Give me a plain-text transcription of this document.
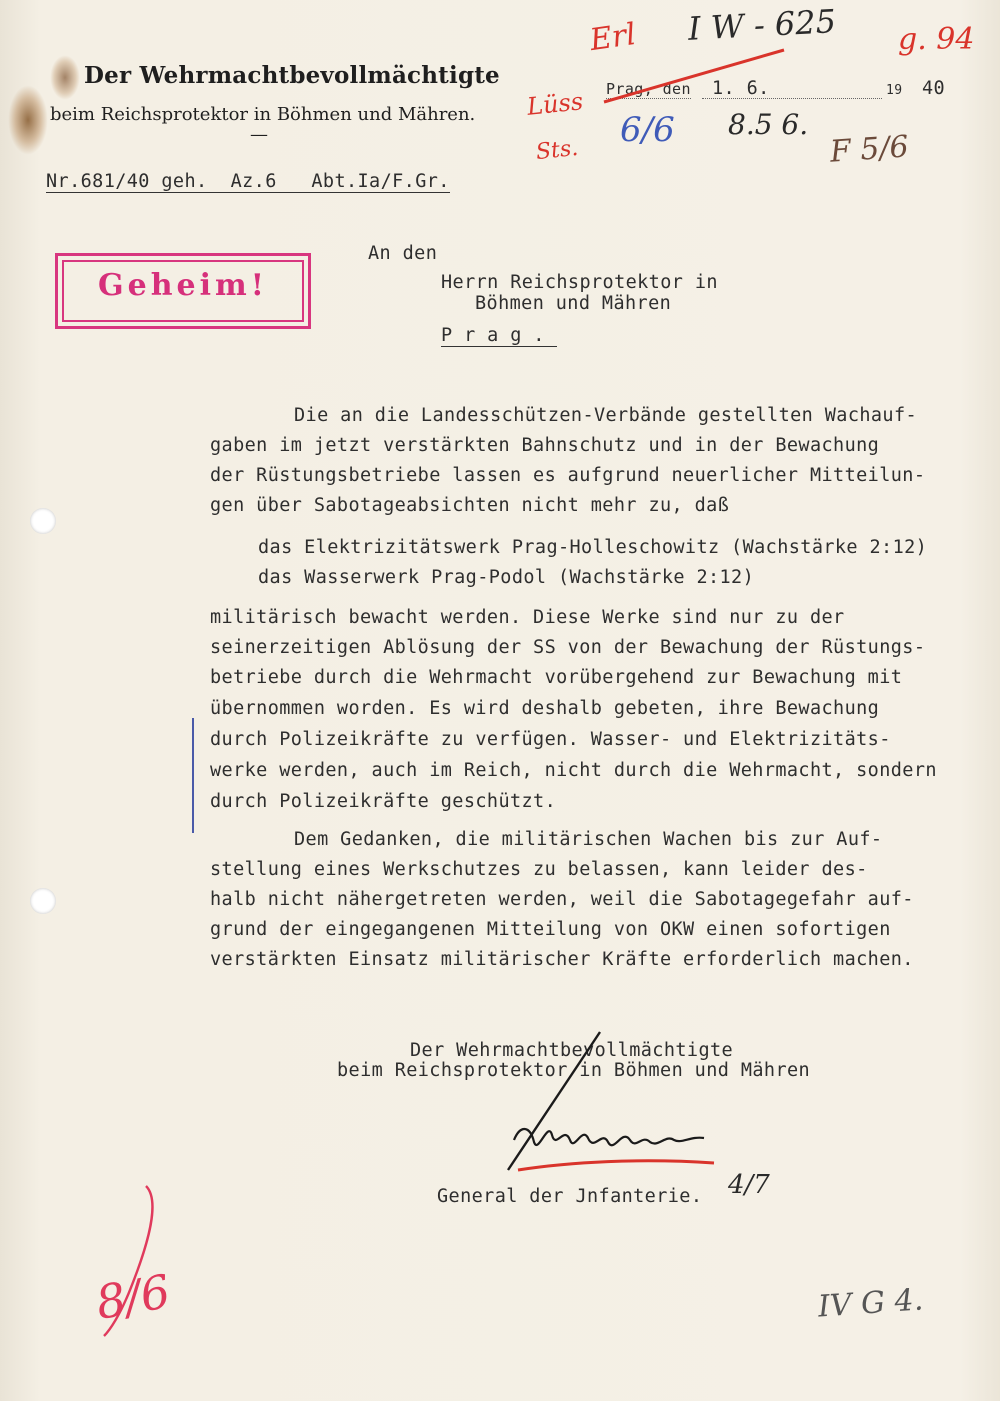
Der Wehrmachtbevollmächtigte
beim Reichsprotektor in Böhmen und Mähren.
—
Nr.681/40 geh.  Az.6   Abt.Ia/F.Gr.

Prag, den

1. 6.

	19

40

Geheim!
An den
Herrn Reichsprotektor in
Böhmen und Mähren
P r a g .
Die an die Landesschützen-Verbände gestellten Wachauf-
gaben im jetzt verstärkten Bahnschutz und in der Bewachung
der Rüstungsbetriebe lassen es aufgrund neuerlicher Mitteilun-
gen über Sabotageabsichten nicht mehr zu, daß
das Elektrizitätswerk Prag-Holleschowitz (Wachstärke 2:12)
das Wasserwerk Prag-Podol (Wachstärke 2:12)
militärisch bewacht werden. Diese Werke sind nur zu der
seinerzeitigen Ablösung der SS von der Bewachung der Rüstungs-
betriebe durch die Wehrmacht vorübergehend zur Bewachung mit
übernommen worden. Es wird deshalb gebeten, ihre Bewachung
durch Polizeikräfte zu verfügen. Wasser- und Elektrizitäts-
werke werden, auch im Reich, nicht durch die Wehrmacht, sondern
durch Polizeikräfte geschützt.
Dem Gedanken, die militärischen Wachen bis zur Auf-
stellung eines Werkschutzes zu belassen, kann leider des-
halb nicht nähergetreten werden, weil die Sabotagegefahr auf-
grund der eingegangenen Mitteilung von OKW einen sofortigen
verstärkten Einsatz militärischer Kräfte erforderlich machen.
Der Wehrmachtbevollmächtigte
beim Reichsprotektor in Böhmen und Mähren
General der Jnfanterie.
Erl I W - 625 g. 94
Lüss
Sts.
6/6 8.5 6.
F 5/6
4/7
8/6	IV G 4.
